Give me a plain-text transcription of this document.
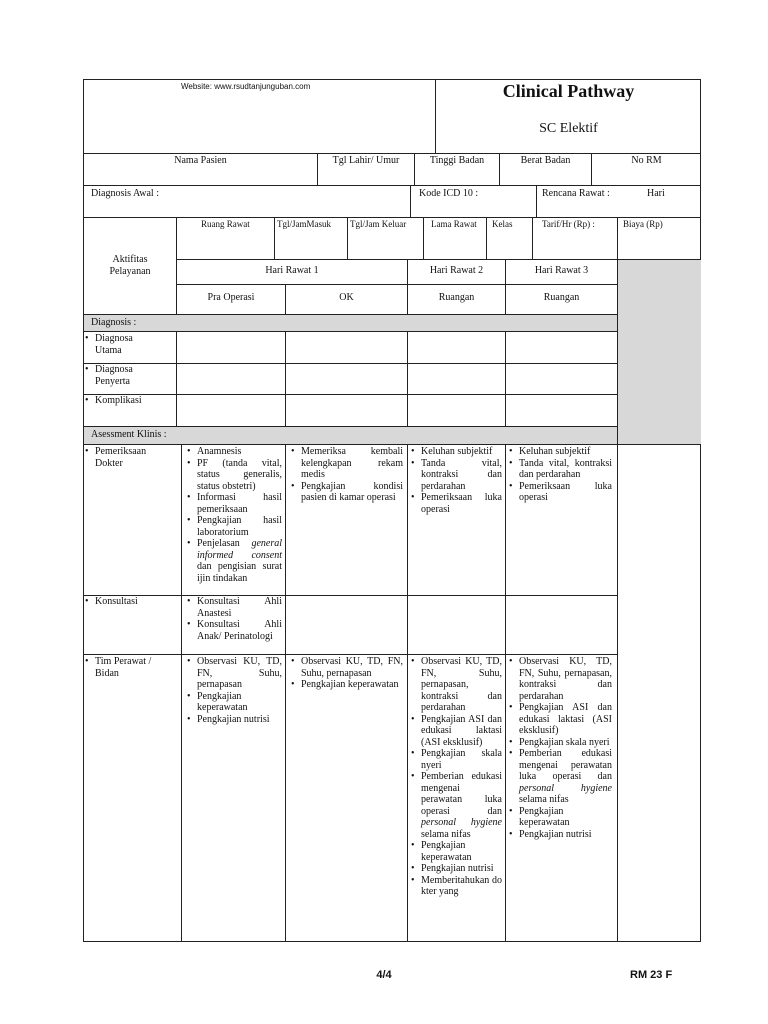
Website: www.rsudtanjunguban.com	Clinical Pathway
SC Elektif
Nama Pasien	Tgl Lahir/ Umur	Tinggi Badan	Berat Badan	No RM
Diagnosis Awal :	Kode ICD 10 :	Rencana Rawat :	Hari
Aktifitas Pelayanan
Ruang Rawat	Tgl/JamMasuk Tgl/Jam Keluar	Lama Rawat Kelas	Tarif/Hr (Rp) :	Biaya (Rp)
Hari Rawat 1	Hari Rawat 2	Hari Rawat 3
Pra Operasi	OK	Ruangan	Ruangan
Diagnosis :
• Diagnosa Utama
• Diagnosa Penyerta
• Komplikasi
Asessment Klinis :
• Pemeriksaan Dokter
• Anamnesis
• PF (tanda vital, status generalis, status obstetri)
• Informasi hasil pemeriksaan
• Pengkajian hasil laboratorium
• Penjelasan general informed consent dan pengisian surat ijin tindakan
• Memeriksa kembali kelengkapan rekam medis
• Pengkajian kondisi pasien di kamar operasi
• Keluhan subjektif
• Tanda vital, kontraksi dan perdarahan
• Pemeriksaan luka operasi
• Keluhan subjektif
• Tanda vital, kontraksi dan perdarahan
• Pemeriksaan luka operasi
• Konsultasi
•	Konsultasi Ahli Anastesi
• Konsultasi Ahli Anak/ Perinatologi
• Tim Perawat / Bidan
• Observasi KU, TD, FN, Suhu, pernapasan
• Pengkajian keperawatan
• Pengkajian nutrisi
• Observasi KU, TD, FN, Suhu, pernapasan
• Pengkajian keperawatan
• Observasi KU, TD, FN, Suhu, pernapasan, kontraksi dan perdarahan
• Pengkajian ASI dan edukasi laktasi (ASI eksklusif)
• Pengkajian skala nyeri
• Pemberian edukasi mengenai perawatan luka operasi dan personal hygiene selama nifas
• Pengkajian keperawatan
• Pengkajian nutrisi
• Memberitahukan dokter yang
• Observasi KU, TD, FN, Suhu, pernapasan, kontraksi dan perdarahan
• Pengkajian ASI dan edukasi laktasi (ASI eksklusif)
• Pengkajian skala nyeri
• Pemberian edukasi mengenai perawatan luka operasi dan personal hygiene selama nifas
• Pengkajian keperawatan
• Pengkajian nutrisi
4/4	RM 23 F
